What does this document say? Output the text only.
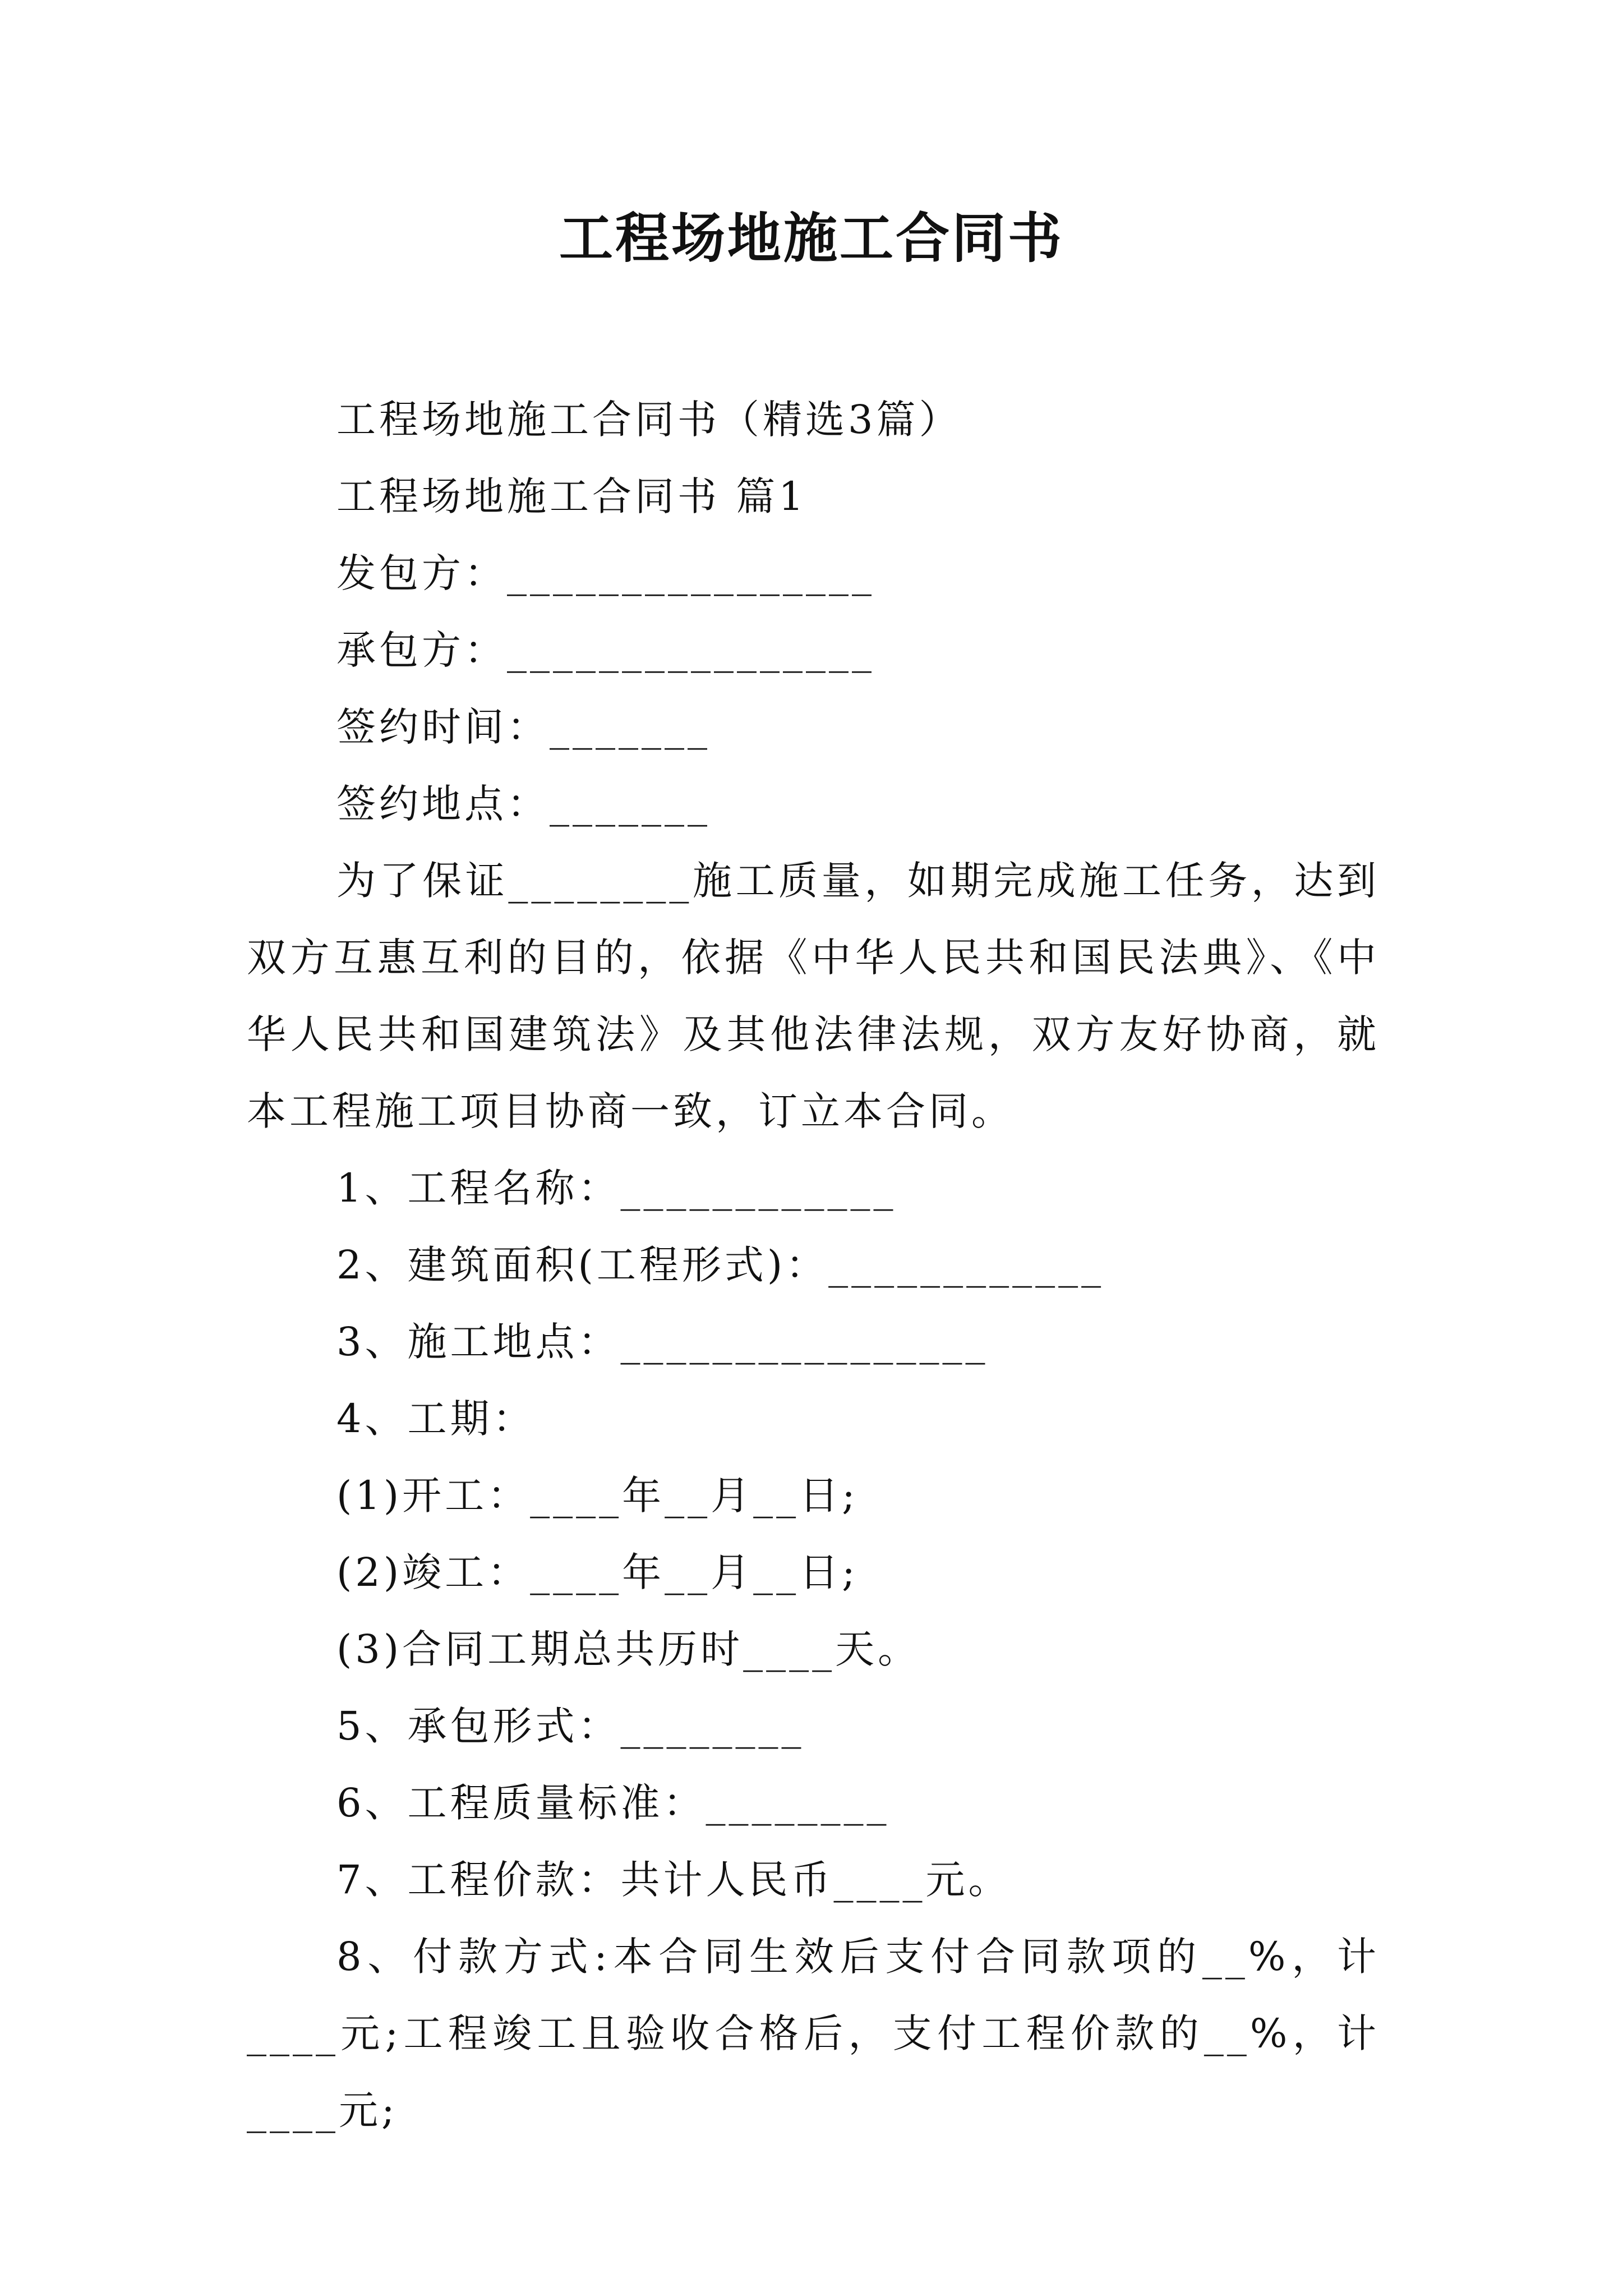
工程场地施工合同书
工程场地施工合同书（精选3篇）
工程场地施工合同书 篇1
发包方：________________
承包方：________________
签约时间：_______
签约地点：_______
为了保证________施工质量，如期完成施工任务，达到双方互惠互利的目的，依据《中华人民共和国民法典》、《中华人民共和国建筑法》及其他法律法规，双方友好协商，就本工程施工项目协商一致，订立本合同。
1、工程名称：____________
2、建筑面积(工程形式)：____________
3、施工地点：________________
4、工期：
(1)开工：____年__月__日;
(2)竣工：____年__月__日;
(3)合同工期总共历时____天。
5、承包形式：________
6、工程质量标准：________
7、工程价款：共计人民币____元。
8、付款方式:本合同生效后支付合同款项的__%，计____元;工程竣工且验收合格后，支付工程价款的__%，计____元;
